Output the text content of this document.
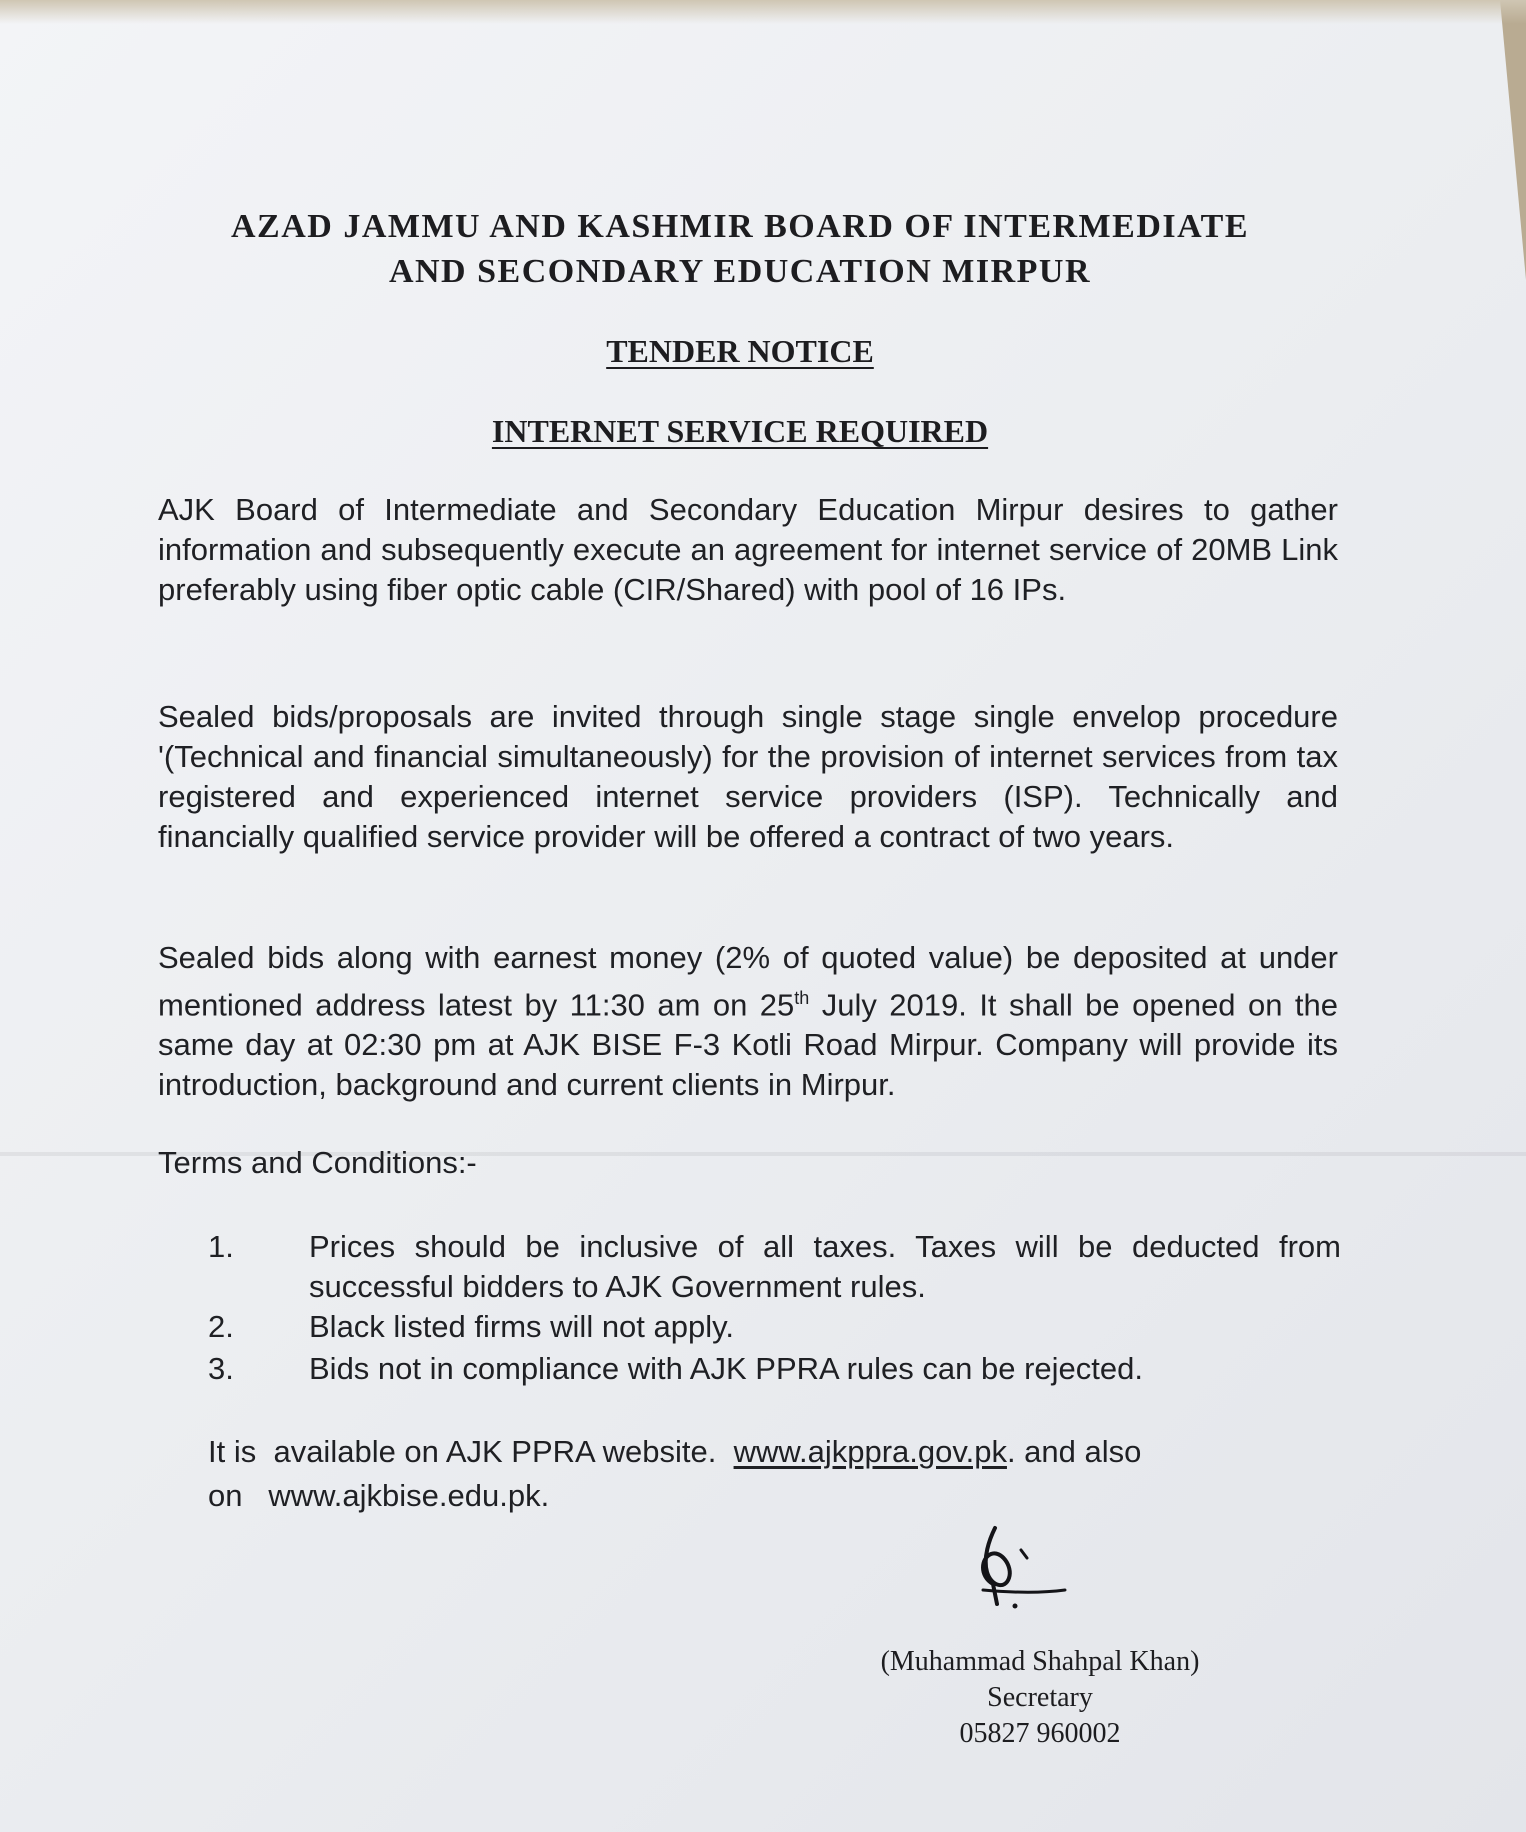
AZAD JAMMU AND KASHMIR BOARD OF INTERMEDIATE
AND SECONDARY EDUCATION MIRPUR
TENDER NOTICE
INTERNET SERVICE REQUIRED
AJK Board of Intermediate and Secondary Education Mirpur desires to gather information and subsequently execute an agreement for internet service of 20MB Link preferably using fiber optic cable (CIR/Shared) with pool of 16 IPs.
Sealed bids/proposals are invited through single stage single envelop procedure '(Technical and financial simultaneously) for the provision of internet services from tax registered and experienced internet service providers (ISP). Technically and financially qualified service provider will be offered a contract of two years.
Sealed bids along with earnest money (2% of quoted value) be deposited at under mentioned address latest by 11:30 am on 25th July 2019. It shall be opened on the same day at 02:30 pm at AJK BISE F-3 Kotli Road Mirpur. Company will provide its introduction, background and current clients in Mirpur.
Terms and Conditions:-
1.	Prices should be inclusive of all taxes. Taxes will be deducted from successful bidders to AJK Government rules.
2.	Black listed firms will not apply.
3.	Bids not in compliance with AJK PPRA rules can be rejected.
It is  available on AJK PPRA website. www.ajkppra.gov.pk. and also on www.ajkbise.edu.pk.
(Muhammad Shahpal Khan)
Secretary
05827 960002
